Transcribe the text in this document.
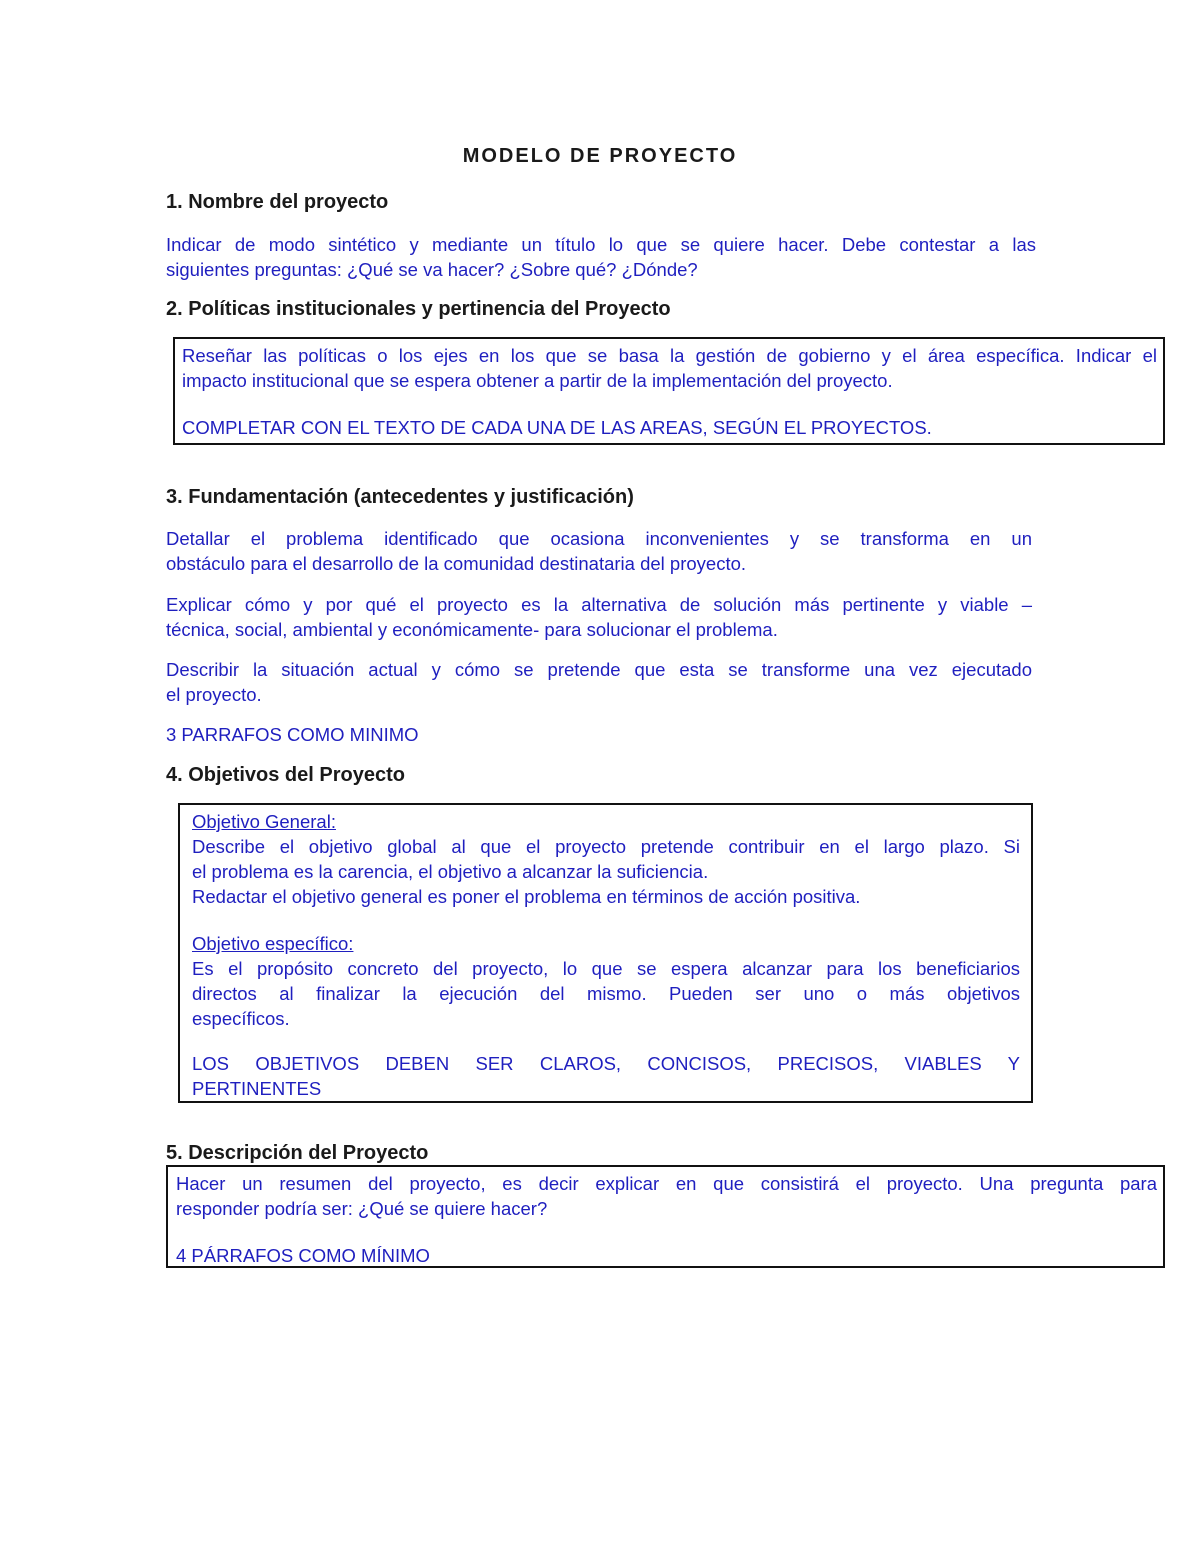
MODELO DE PROYECTO
1. Nombre del proyecto
Indicar de modo sintético y mediante un título lo que se quiere hacer. Debe contestar a las
siguientes preguntas: ¿Qué se va hacer? ¿Sobre qué? ¿Dónde?
2. Políticas institucionales y pertinencia del Proyecto
Reseñar las políticas o los ejes en los que se basa la gestión de gobierno y el área específica. Indicar el
impacto institucional que se espera obtener a partir de la implementación del proyecto.
COMPLETAR CON EL TEXTO DE CADA UNA DE LAS AREAS, SEGÚN EL PROYECTOS.
3. Fundamentación (antecedentes y justificación)
Detallar el problema identificado que ocasiona inconvenientes y se transforma en un
obstáculo para el desarrollo de la comunidad destinataria del proyecto.
Explicar cómo y por qué el proyecto es la alternativa de solución más pertinente y viable –
técnica, social, ambiental y económicamente- para solucionar el problema.
Describir la situación actual y cómo se pretende que esta se transforme una vez ejecutado
el proyecto.
3 PARRAFOS COMO MINIMO
4. Objetivos del Proyecto
Objetivo General:
Describe el objetivo global al que el proyecto pretende contribuir en el largo plazo. Si
el problema es la carencia, el objetivo a alcanzar la suficiencia.
Redactar el objetivo general es poner el problema en términos de acción positiva.
Objetivo específico:
Es el propósito concreto del proyecto, lo que se espera alcanzar para los beneficiarios
directos al finalizar la ejecución del mismo. Pueden ser uno o más objetivos
específicos.
LOS OBJETIVOS DEBEN SER CLAROS, CONCISOS, PRECISOS, VIABLES Y
PERTINENTES
5. Descripción del Proyecto
Hacer un resumen del proyecto, es decir explicar en que consistirá el proyecto. Una pregunta para
responder podría ser: ¿Qué se quiere hacer?
4 PÁRRAFOS COMO MÍNIMO
